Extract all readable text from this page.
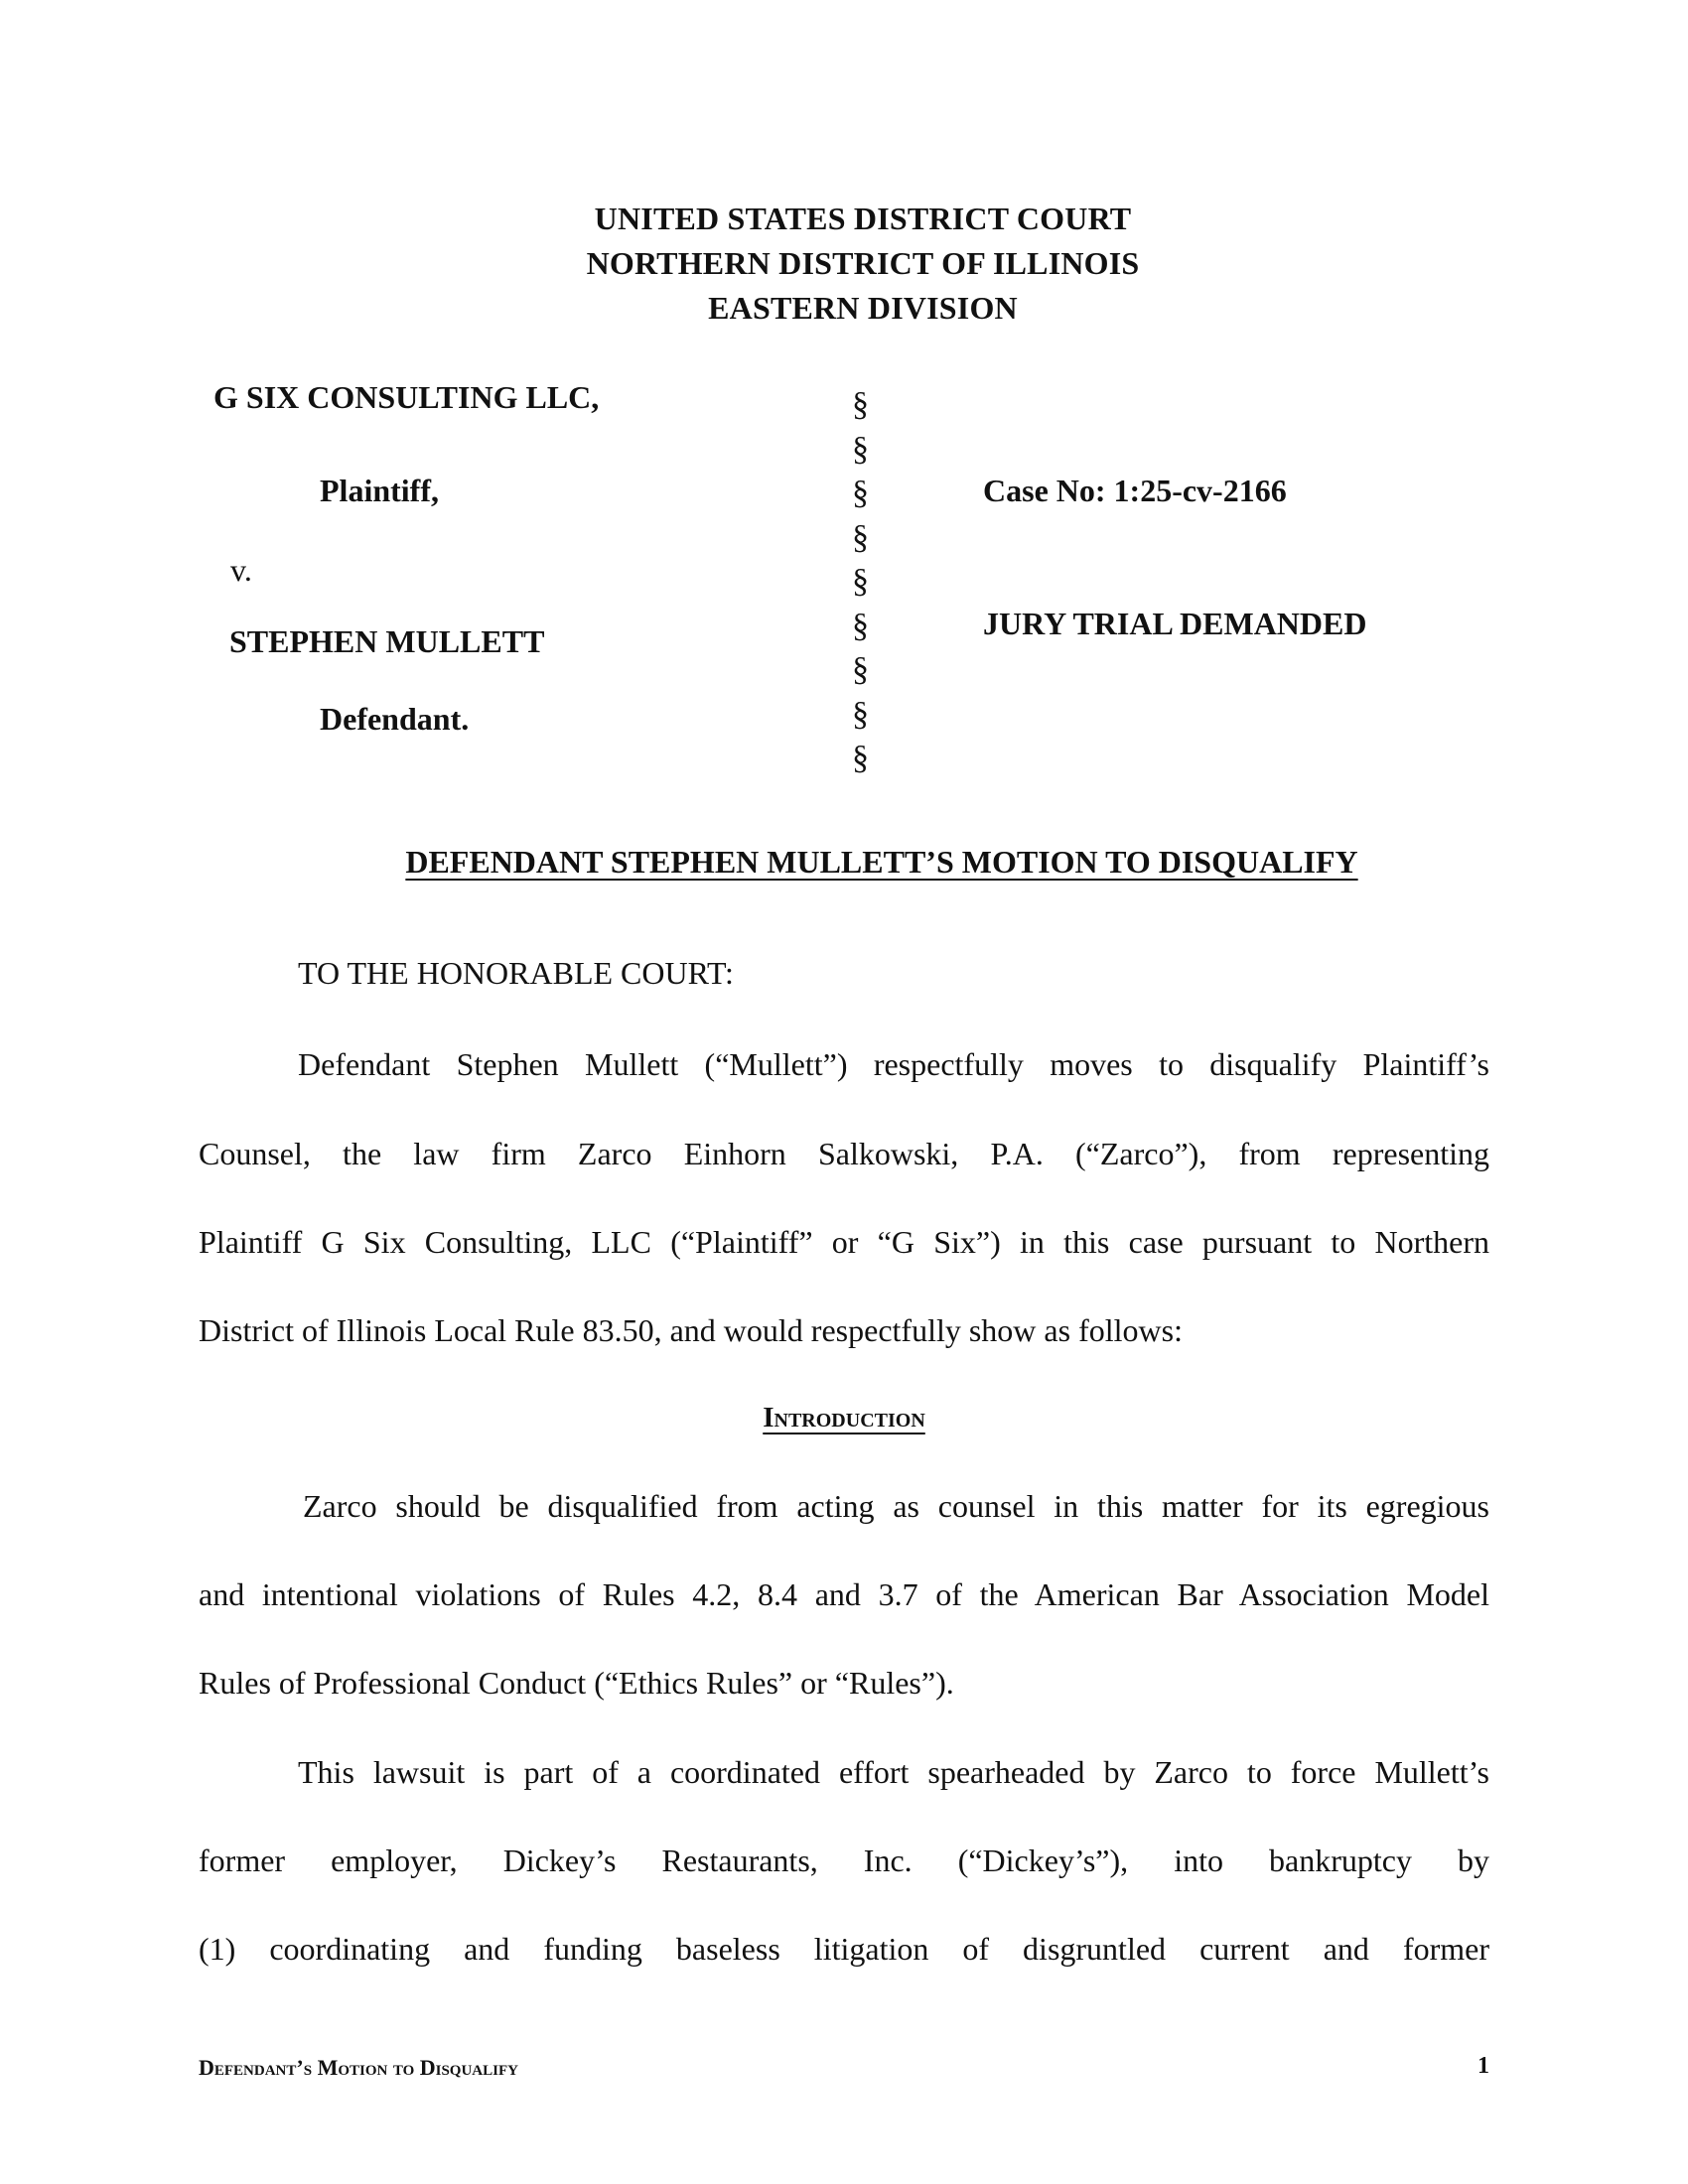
UNITED STATES DISTRICT COURT
NORTHERN DISTRICT OF ILLINOIS
EASTERN DIVISION
G SIX CONSULTING LLC,
Plaintiff,
v.
STEPHEN MULLETT
Defendant.
§
§
§
§
§
§
§
§
§
Case No: 1:25-cv-2166
JURY TRIAL DEMANDED
DEFENDANT STEPHEN MULLETT’S MOTION TO DISQUALIFY
TO THE HONORABLE COURT:
Defendant Stephen Mullett (“Mullett”) respectfully moves to disqualify Plaintiff’s
Counsel, the law firm Zarco Einhorn Salkowski, P.A. (“Zarco”), from representing
Plaintiff G Six Consulting, LLC (“Plaintiff” or “G Six”) in this case pursuant to Northern
District of Illinois Local Rule 83.50, and would respectfully show as follows:
Introduction
Zarco should be disqualified from acting as counsel in this matter for its egregious
and intentional violations of Rules 4.2, 8.4 and 3.7 of the American Bar Association Model
Rules of Professional Conduct (“Ethics Rules” or “Rules”).
This lawsuit is part of a coordinated effort spearheaded by Zarco to force Mullett’s
former employer, Dickey’s Restaurants, Inc. (“Dickey’s”), into bankruptcy by
(1) coordinating and funding baseless litigation of disgruntled current and former
Defendant’s Motion to Disqualify	1
